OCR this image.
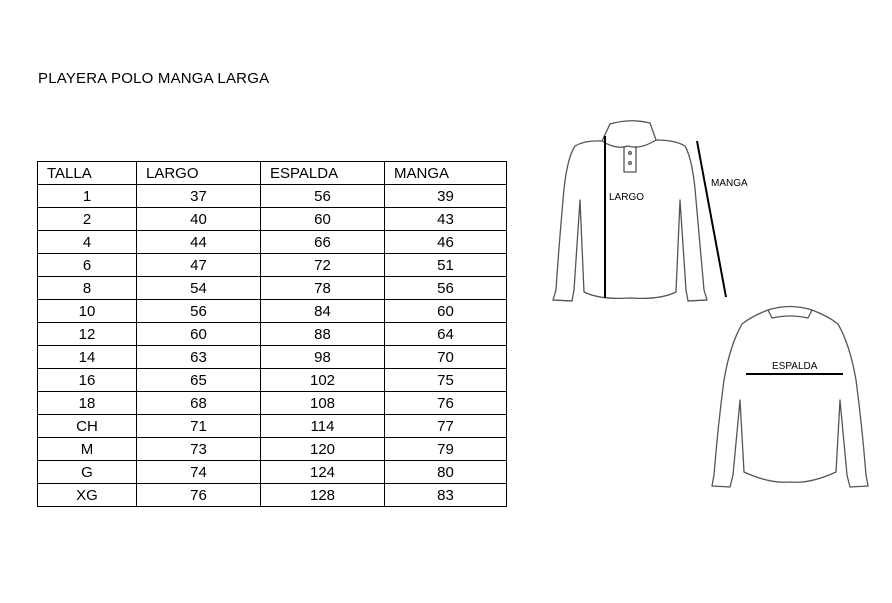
PLAYERA POLO MANGA LARGA
TALLA	LARGO	ESPALDA	MANGA
1	37	56	39
2	40	60	43
4	44	66	46
6	47	72	51
8	54	78	56
10	56	84	60
12	60	88	64
14	63	98	70
16	65	102	75
18	68	108	76
CH	71	114	77
M	73	120	79
G	74	124	80
XG	76	128	83
LARGO
MANGA
ESPALDA
